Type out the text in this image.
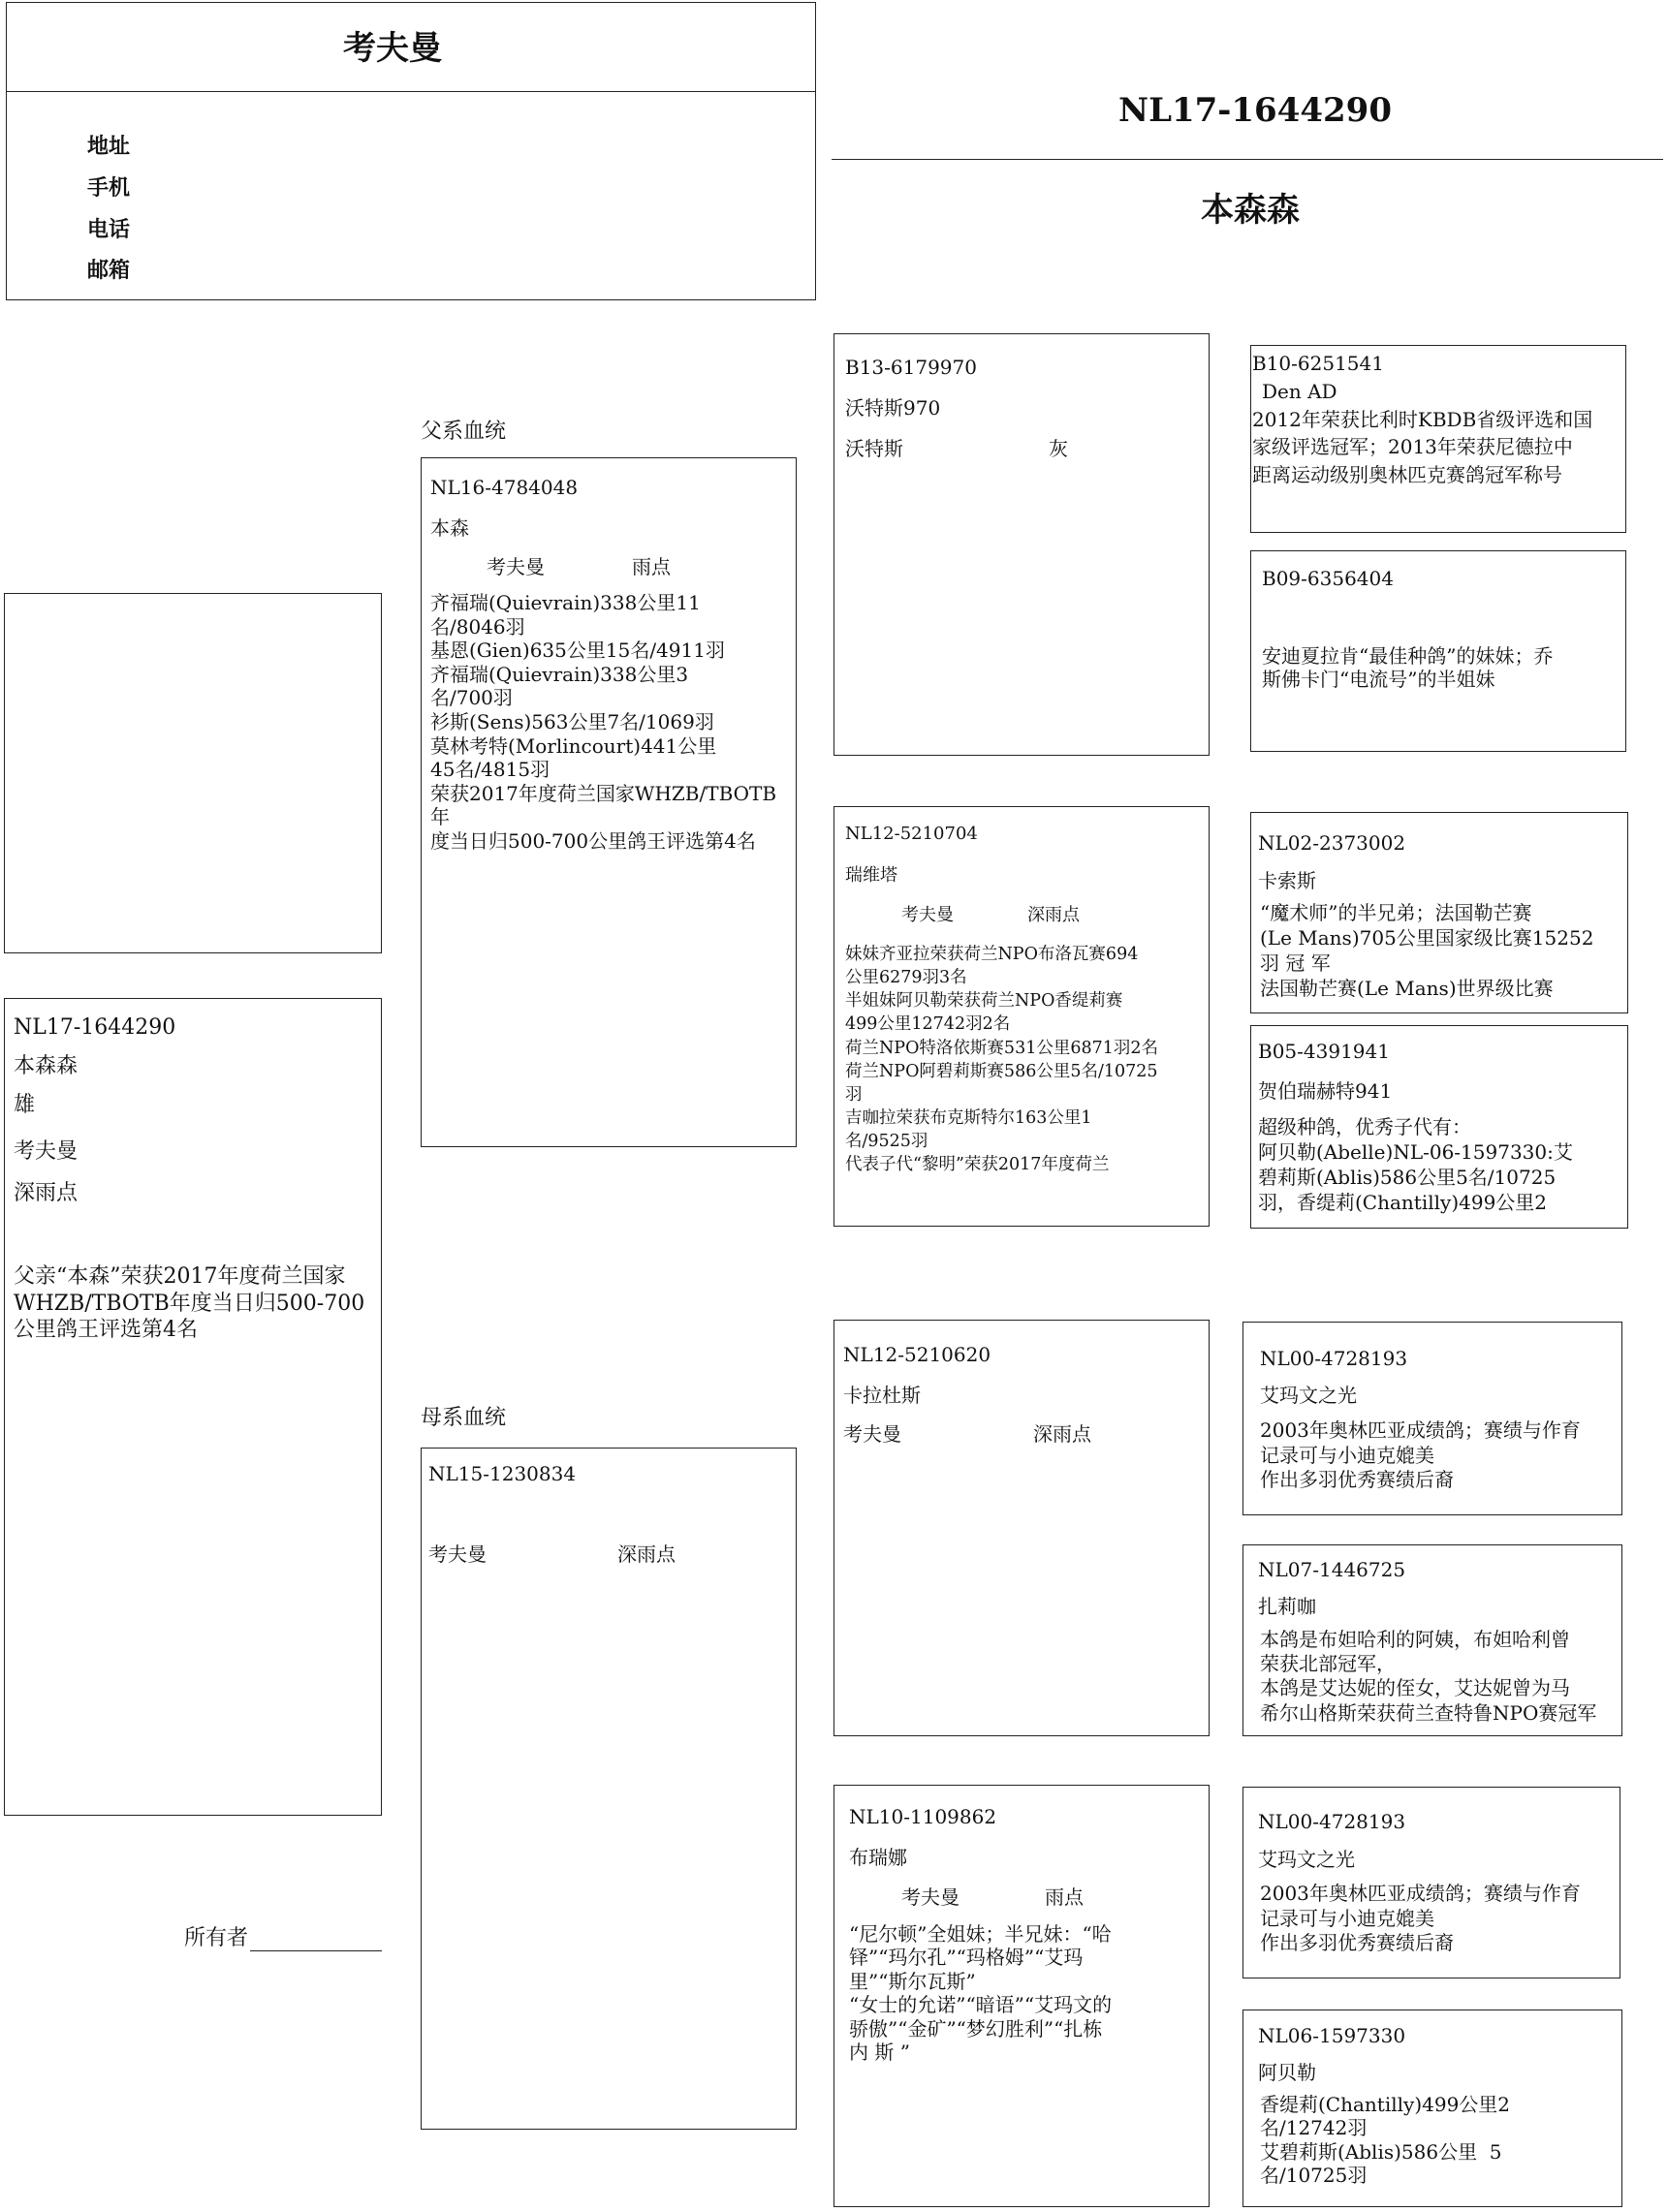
考夫曼
地址
手机
电话
邮箱
NL17-1644290
本森森
NL17-1644290
本森森
雄
考夫曼
深雨点
父亲“本森”荣获2017年度荷兰国家WHZB/TBOTB年度当日归500-700公里鸽王评选第4名
所有者
父系血统
NL16-4784048
本森
考夫曼	雨点
齐福瑞(Quievrain)338公里11
名/8046羽
基恩(Gien)635公里15名/4911羽
齐福瑞(Quievrain)338公里3
名/700羽
衫斯(Sens)563公里7名/1069羽
莫林考特(Morlincourt)441公里
45名/4815羽
荣获2017年度荷兰国家WHZB/TBOTB年
度当日归500-700公里鸽王评选第4名
母系血统
NL15-1230834
考夫曼	深雨点
B13-6179970
沃特斯970
沃特斯	灰
NL12-5210704
瑞维塔
考夫曼	深雨点
妹妹齐亚拉荣获荷兰NPO布洛瓦赛694
公里6279羽3名
半姐妹阿贝勒荣获荷兰NPO香缇莉赛
499公里12742羽2名
荷兰NPO特洛依斯赛531公里6871羽2名
荷兰NPO阿碧莉斯赛586公里5名/10725
羽
吉咖拉荣获布克斯特尔163公里1
名/9525羽
代表子代“黎明”荣获2017年度荷兰
NL12-5210620
卡拉杜斯
考夫曼	深雨点
NL10-1109862
布瑞娜
考夫曼	雨点
“尼尔顿”全姐妹；半兄妹：“哈
铎”“玛尔孔”“玛格姆”“艾玛
里”“斯尔瓦斯”
“女士的允诺”“暗语”“艾玛文的
骄傲”“金矿”“梦幻胜利”“扎栋
内 斯 ”
B10-6251541
Den AD
2012年荣获比利时KBDB省级评选和国
家级评选冠军；2013年荣获尼德拉中
距离运动级别奥林匹克赛鸽冠军称号
B09-6356404
安迪夏拉肯“最佳种鸽”的妹妹；乔
斯佛卡门“电流号”的半姐妹
NL02-2373002
卡索斯
“魔术师”的半兄弟；法国勒芒赛
(Le Mans)705公里国家级比赛15252
羽 冠 军
法国勒芒赛(Le Mans)世界级比赛
B05-4391941
贺伯瑞赫特941
超级种鸽，优秀子代有：
阿贝勒(Abelle)NL-06-1597330:艾
碧莉斯(Ablis)586公里5名/10725
羽，香缇莉(Chantilly)499公里2
NL00-4728193
艾玛文之光
2003年奥林匹亚成绩鸽；赛绩与作育
记录可与小迪克媲美
作出多羽优秀赛绩后裔
NL07-1446725
扎莉咖
本鸽是布妲哈利的阿姨，布妲哈利曾
荣获北部冠军，
本鸽是艾达妮的侄女，艾达妮曾为马
希尔山格斯荣获荷兰查特鲁NPO赛冠军
NL00-4728193
艾玛文之光
2003年奥林匹亚成绩鸽；赛绩与作育
记录可与小迪克媲美
作出多羽优秀赛绩后裔
NL06-1597330
阿贝勒
香缇莉(Chantilly)499公里2
名/12742羽
艾碧莉斯(Ablis)586公里  5
名/10725羽
